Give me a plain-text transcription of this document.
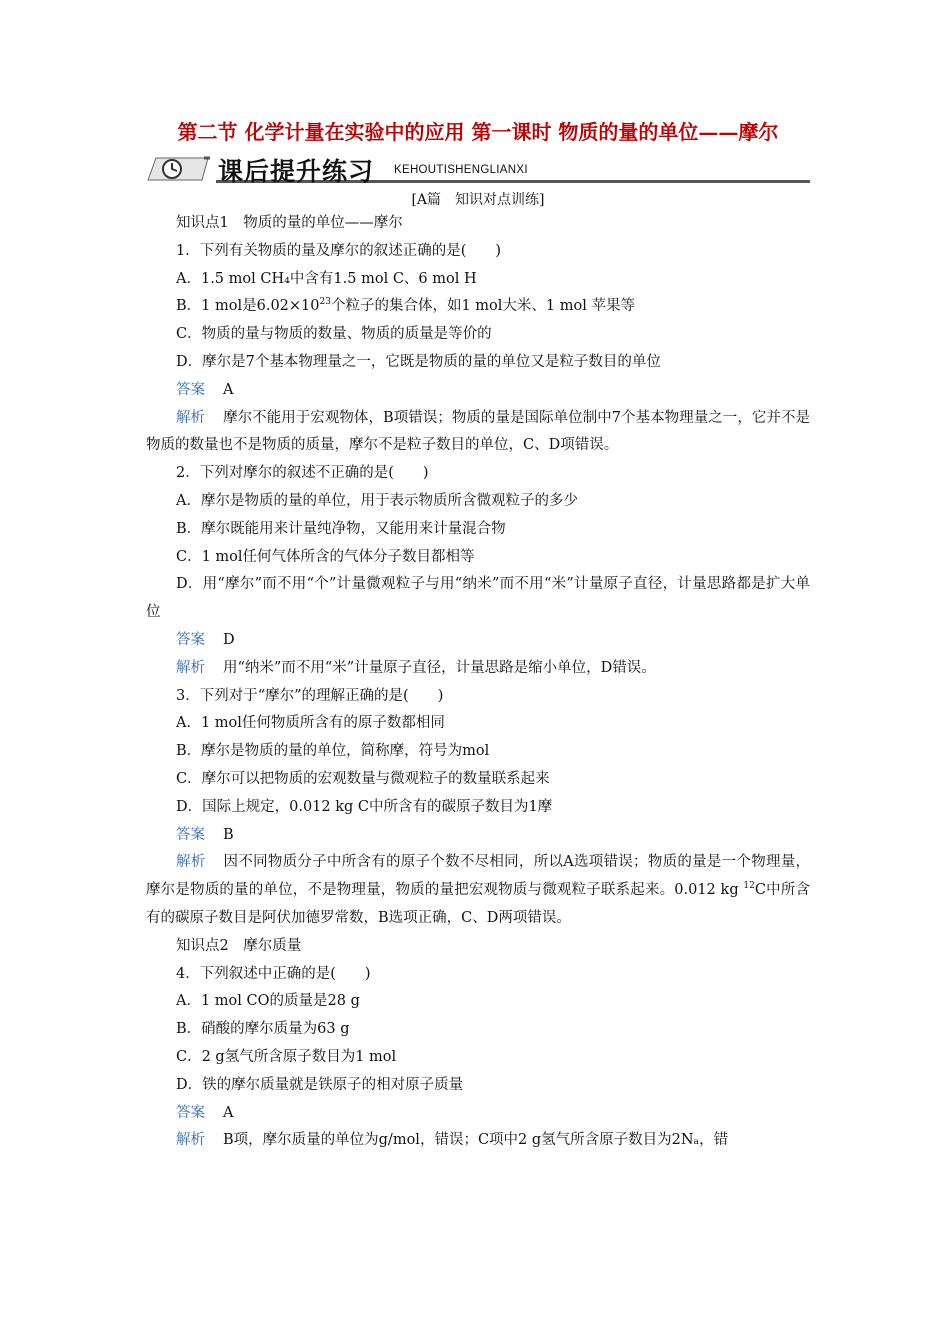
第二节 化学计量在实验中的应用 第一课时 物质的量的单位——摩尔
课后提升练习 KEHOUTISHENGLIANXI
[A篇　知识对点训练]
知识点1　物质的量的单位——摩尔
1．下列有关物质的量及摩尔的叙述正确的是(　　)
A．1.5 mol CH₄中含有1.5 mol C、6 mol H
B．1 mol是$6.02\times 10^{23}$个粒子的集合体，如1 mol大米、1 mol 苹果等
C．物质的量与物质的数量、物质的质量是等价的
D．摩尔是7个基本物理量之一，它既是物质的量的单位又是粒子数目的单位
答案 A
解析 摩尔不能用于宏观物体，B项错误；物质的量是国际单位制中7个基本物理量之一，它并不是物质的数量也不是物质的质量，摩尔不是粒子数目的单位，C、D项错误。
2．下列对摩尔的叙述不正确的是(　　)
A．摩尔是物质的量的单位，用于表示物质所含微观粒子的多少
B．摩尔既能用来计量纯净物，又能用来计量混合物
C．1 mol任何气体所含的气体分子数目都相等
D．用“摩尔”而不用“个”计量微观粒子与用“纳米”而不用“米”计量原子直径，计量思路都是扩大单位
答案 D
解析 用“纳米”而不用“米”计量原子直径，计量思路是缩小单位，D错误。
3．下列对于“摩尔”的理解正确的是(　　)
A．1 mol任何物质所含有的原子数都相同
B．摩尔是物质的量的单位，简称摩，符号为mol
C．摩尔可以把物质的宏观数量与微观粒子的数量联系起来
D．国际上规定，0.012 kg C中所含有的碳原子数目为1摩
答案 B
解析 因不同物质分子中所含有的原子个数不尽相同，所以A选项错误；物质的量是一个物理量，摩尔是物质的量的单位，不是物理量，物质的量把宏观物质与微观粒子联系起来。0.012 kg $^{12}$C中所含有的碳原子数目是阿伏加德罗常数，B选项正确，C、D两项错误。
知识点2　摩尔质量
4．下列叙述中正确的是(　　)
A．1 mol CO的质量是28 g
B．硝酸的摩尔质量为63 g
C．2 g氢气所含原子数目为1 mol
D．铁的摩尔质量就是铁原子的相对原子质量
答案 A
解析 B项，摩尔质量的单位为g/mol，错误；C项中2 g氢气所含原子数目为2Nₐ，错
